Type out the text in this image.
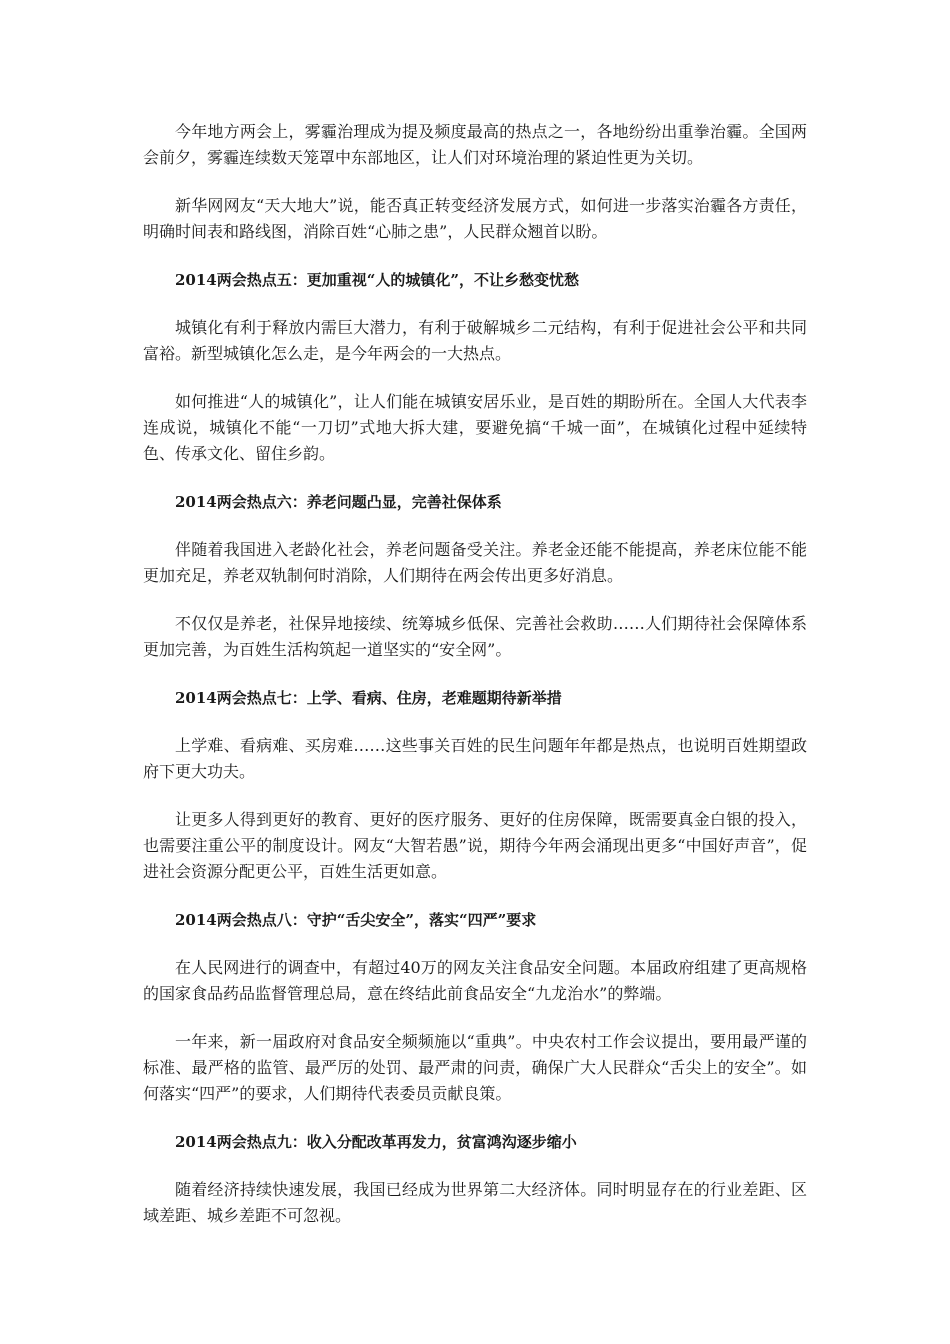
今年地方两会上，雾霾治理成为提及频度最高的热点之一，各地纷纷出重拳治霾。全国两会前夕，雾霾连续数天笼罩中东部地区，让人们对环境治理的紧迫性更为关切。

新华网网友“天大地大”说，能否真正转变经济发展方式，如何进一步落实治霾各方责任，明确时间表和路线图，消除百姓“心肺之患”，人民群众翘首以盼。

2014两会热点五：更加重视“人的城镇化”，不让乡愁变忧愁

城镇化有利于释放内需巨大潜力，有利于破解城乡二元结构，有利于促进社会公平和共同富裕。新型城镇化怎么走，是今年两会的一大热点。

如何推进“人的城镇化”，让人们能在城镇安居乐业，是百姓的期盼所在。全国人大代表李连成说，城镇化不能“一刀切”式地大拆大建，要避免搞“千城一面”，在城镇化过程中延续特色、传承文化、留住乡韵。

2014两会热点六：养老问题凸显，完善社保体系

伴随着我国进入老龄化社会，养老问题备受关注。养老金还能不能提高，养老床位能不能更加充足，养老双轨制何时消除，人们期待在两会传出更多好消息。

不仅仅是养老，社保异地接续、统筹城乡低保、完善社会救助……人们期待社会保障体系更加完善，为百姓生活构筑起一道坚实的“安全网”。

2014两会热点七：上学、看病、住房，老难题期待新举措

上学难、看病难、买房难……这些事关百姓的民生问题年年都是热点，也说明百姓期望政府下更大功夫。

让更多人得到更好的教育、更好的医疗服务、更好的住房保障，既需要真金白银的投入，也需要注重公平的制度设计。网友“大智若愚”说，期待今年两会涌现出更多“中国好声音”，促进社会资源分配更公平，百姓生活更如意。

2014两会热点八：守护“舌尖安全”，落实“四严”要求

在人民网进行的调查中，有超过40万的网友关注食品安全问题。本届政府组建了更高规格的国家食品药品监督管理总局，意在终结此前食品安全“九龙治水”的弊端。

一年来，新一届政府对食品安全频频施以“重典”。中央农村工作会议提出，要用最严谨的标准、最严格的监管、最严厉的处罚、最严肃的问责，确保广大人民群众“舌尖上的安全”。如何落实“四严”的要求，人们期待代表委员贡献良策。

2014两会热点九：收入分配改革再发力，贫富鸿沟逐步缩小

随着经济持续快速发展，我国已经成为世界第二大经济体。同时明显存在的行业差距、区域差距、城乡差距不可忽视。
